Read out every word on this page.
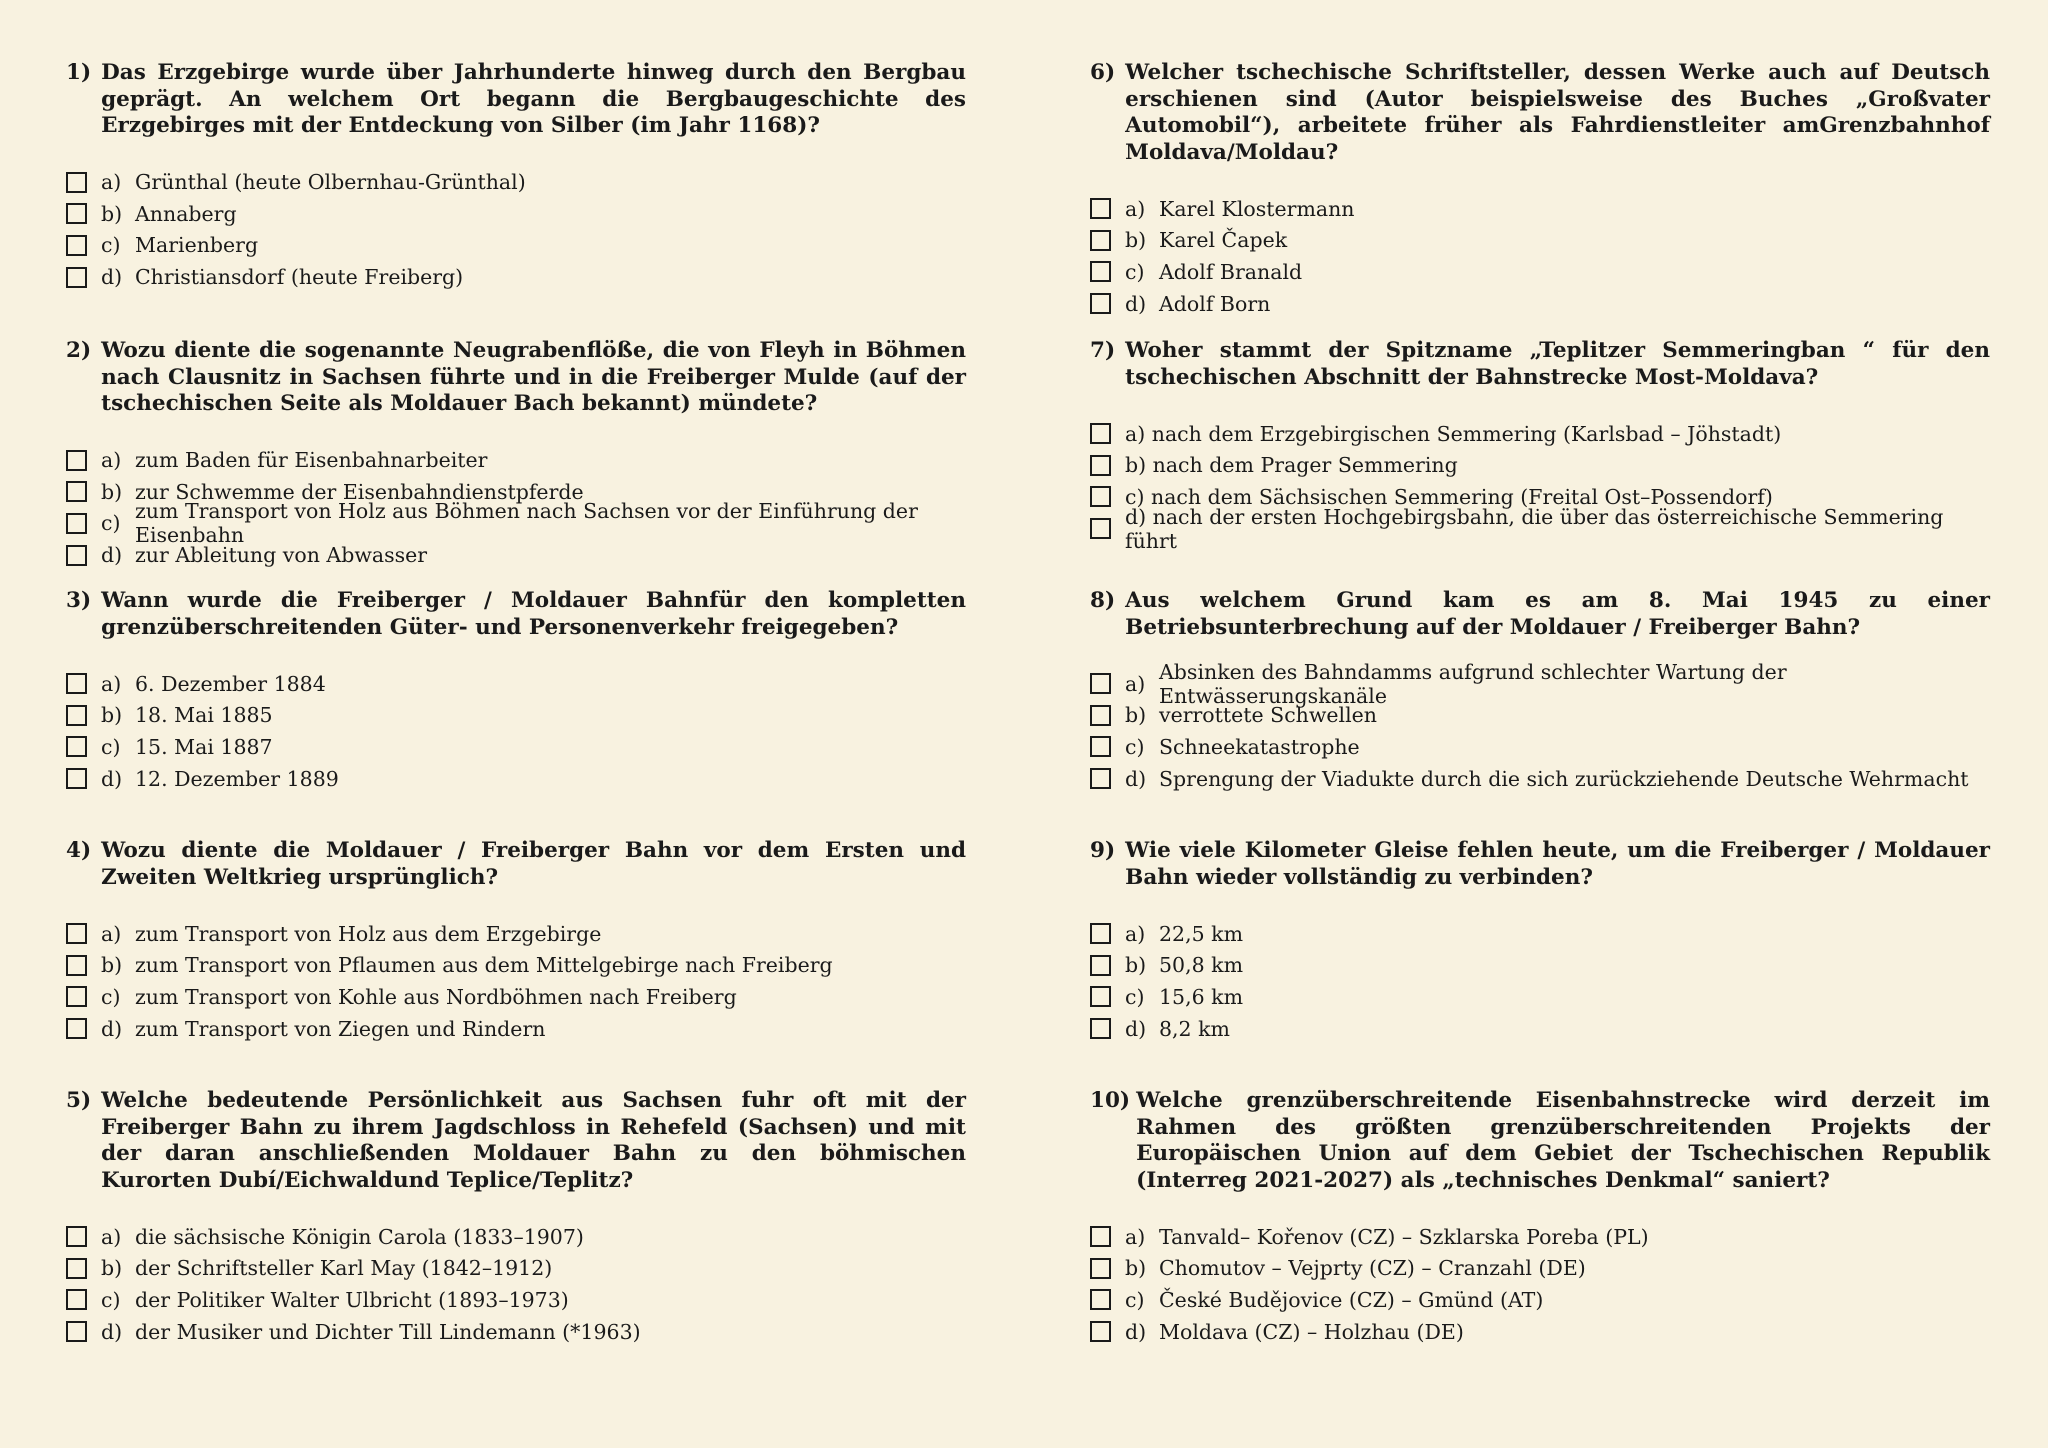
1) Das Erzgebirge wurde über Jahrhunderte hinweg durch den Bergbau geprägt. An welchem Ort begann die Bergbaugeschichte des Erzgebirges mit der Entdeckung von Silber (im Jahr 1168)?
a) Grünthal (heute Olbernhau-Grünthal)
b) Annaberg
c) Marienberg
d) Christiansdorf (heute Freiberg)
2) Wozu diente die sogenannte Neugrabenflöße, die von Fleyh in Böhmen nach Clausnitz in Sachsen führte und in die Freiberger Mulde (auf der tschechischen Seite als Moldauer Bach bekannt) mündete?
a) zum Baden für Eisenbahnarbeiter
b) zur Schwemme der Eisenbahndienstpferde
c) zum Transport von Holz aus Böhmen nach Sachsen vor der Einführung der Eisenbahn
d) zur Ableitung von Abwasser
3) Wann wurde die Freiberger / Moldauer Bahnfür den kompletten grenzüberschreitenden Güter- und Personenverkehr freigegeben?
a) 6. Dezember 1884
b) 18. Mai 1885
c) 15. Mai 1887
d) 12. Dezember 1889
4) Wozu diente die Moldauer / Freiberger Bahn vor dem Ersten und Zweiten Weltkrieg ursprünglich?
a) zum Transport von Holz aus dem Erzgebirge
b) zum Transport von Pflaumen aus dem Mittelgebirge nach Freiberg
c) zum Transport von Kohle aus Nordböhmen nach Freiberg
d) zum Transport von Ziegen und Rindern
5) Welche bedeutende Persönlichkeit aus Sachsen fuhr oft mit der Freiberger Bahn zu ihrem Jagdschloss in Rehefeld (Sachsen) und mit der daran anschließenden Moldauer Bahn zu den böhmischen Kurorten Dubí/Eichwaldund Teplice/Teplitz?
a) die sächsische Königin Carola (1833–1907)
b) der Schriftsteller Karl May (1842–1912)
c) der Politiker Walter Ulbricht (1893–1973)
d) der Musiker und Dichter Till Lindemann (*1963)
6) Welcher tschechische Schriftsteller, dessen Werke auch auf Deutsch erschienen sind (Autor beispielsweise des Buches „Großvater Automobil“), arbeitete früher als Fahrdienstleiter amGrenzbahnhof Moldava/Moldau?
a) Karel Klostermann
b) Karel Čapek
c) Adolf Branald
d) Adolf Born
7) Woher stammt der Spitzname „Teplitzer Semmeringban “ für den tschechischen Abschnitt der Bahnstrecke Most-Moldava?
a) nach dem Erzgebirgischen Semmering (Karlsbad – Jöhstadt)
b) nach dem Prager Semmering
c) nach dem Sächsischen Semmering (Freital Ost–Possendorf)
d) nach der ersten Hochgebirgsbahn, die über das österreichische Semmering führt
8) Aus welchem Grund kam es am 8. Mai 1945 zu einer Betriebsunterbrechung auf der Moldauer / Freiberger Bahn?
a) Absinken des Bahndamms aufgrund schlechter Wartung der Entwässerungskanäle
b) verrottete Schwellen
c) Schneekatastrophe
d) Sprengung der Viadukte durch die sich zurückziehende Deutsche Wehrmacht
9) Wie viele Kilometer Gleise fehlen heute, um die Freiberger / Moldauer Bahn wieder vollständig zu verbinden?
a) 22,5 km
b) 50,8 km
c) 15,6 km
d) 8,2 km
10) Welche grenzüberschreitende Eisenbahnstrecke wird derzeit im Rahmen des größten grenzüberschreitenden Projekts der Europäischen Union auf dem Gebiet der Tschechischen Republik (Interreg 2021-2027) als „technisches Denkmal“ saniert?
a) Tanvald– Kořenov (CZ) – Szklarska Poreba (PL)
b) Chomutov – Vejprty (CZ) – Cranzahl (DE)
c) České Budějovice (CZ) – Gmünd (AT)
d) Moldava (CZ) – Holzhau (DE)
